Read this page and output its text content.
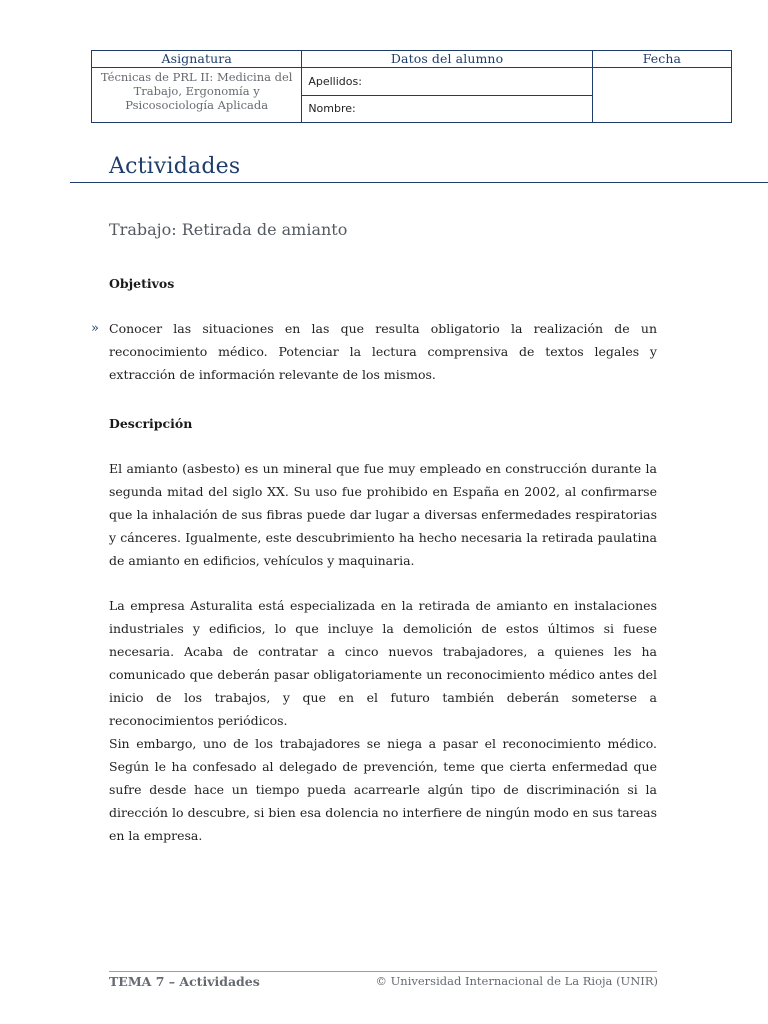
Asignatura	Datos del alumno	Fecha
Técnicas de PRL II: Medicina del Trabajo, Ergonomía y Psicosociología Aplicada	Apellidos:	
	Nombre:	
Actividades
Trabajo: Retirada de amianto
Objetivos
» Conocer las situaciones en las que resulta obligatorio la realización de un reconocimiento médico. Potenciar la lectura comprensiva de textos legales y extracción de información relevante de los mismos.

Descripción

El amianto (asbesto) es un mineral que fue muy empleado en construcción durante la segunda mitad del siglo XX. Su uso fue prohibido en España en 2002, al confirmarse que la inhalación de sus fibras puede dar lugar a diversas enfermedades respiratorias y cánceres. Igualmente, este descubrimiento ha hecho necesaria la retirada paulatina de amianto en edificios, vehículos y maquinaria.

La empresa Asturalita está especializada en la retirada de amianto en instalaciones industriales y edificios, lo que incluye la demolición de estos últimos si fuese necesaria. Acaba de contratar a cinco nuevos trabajadores, a quienes les ha comunicado que deberán pasar obligatoriamente un reconocimiento médico antes del inicio de los trabajos, y que en el futuro también deberán someterse a reconocimientos periódicos.

Sin embargo, uno de los trabajadores se niega a pasar el reconocimiento médico. Según le ha confesado al delegado de prevención, teme que cierta enfermedad que sufre desde hace un tiempo pueda acarrearle algún tipo de discriminación si la dirección lo descubre, si bien esa dolencia no interfiere de ningún modo en sus tareas en la empresa.

TEMA 7 – Actividades	© Universidad Internacional de La Rioja (UNIR)
